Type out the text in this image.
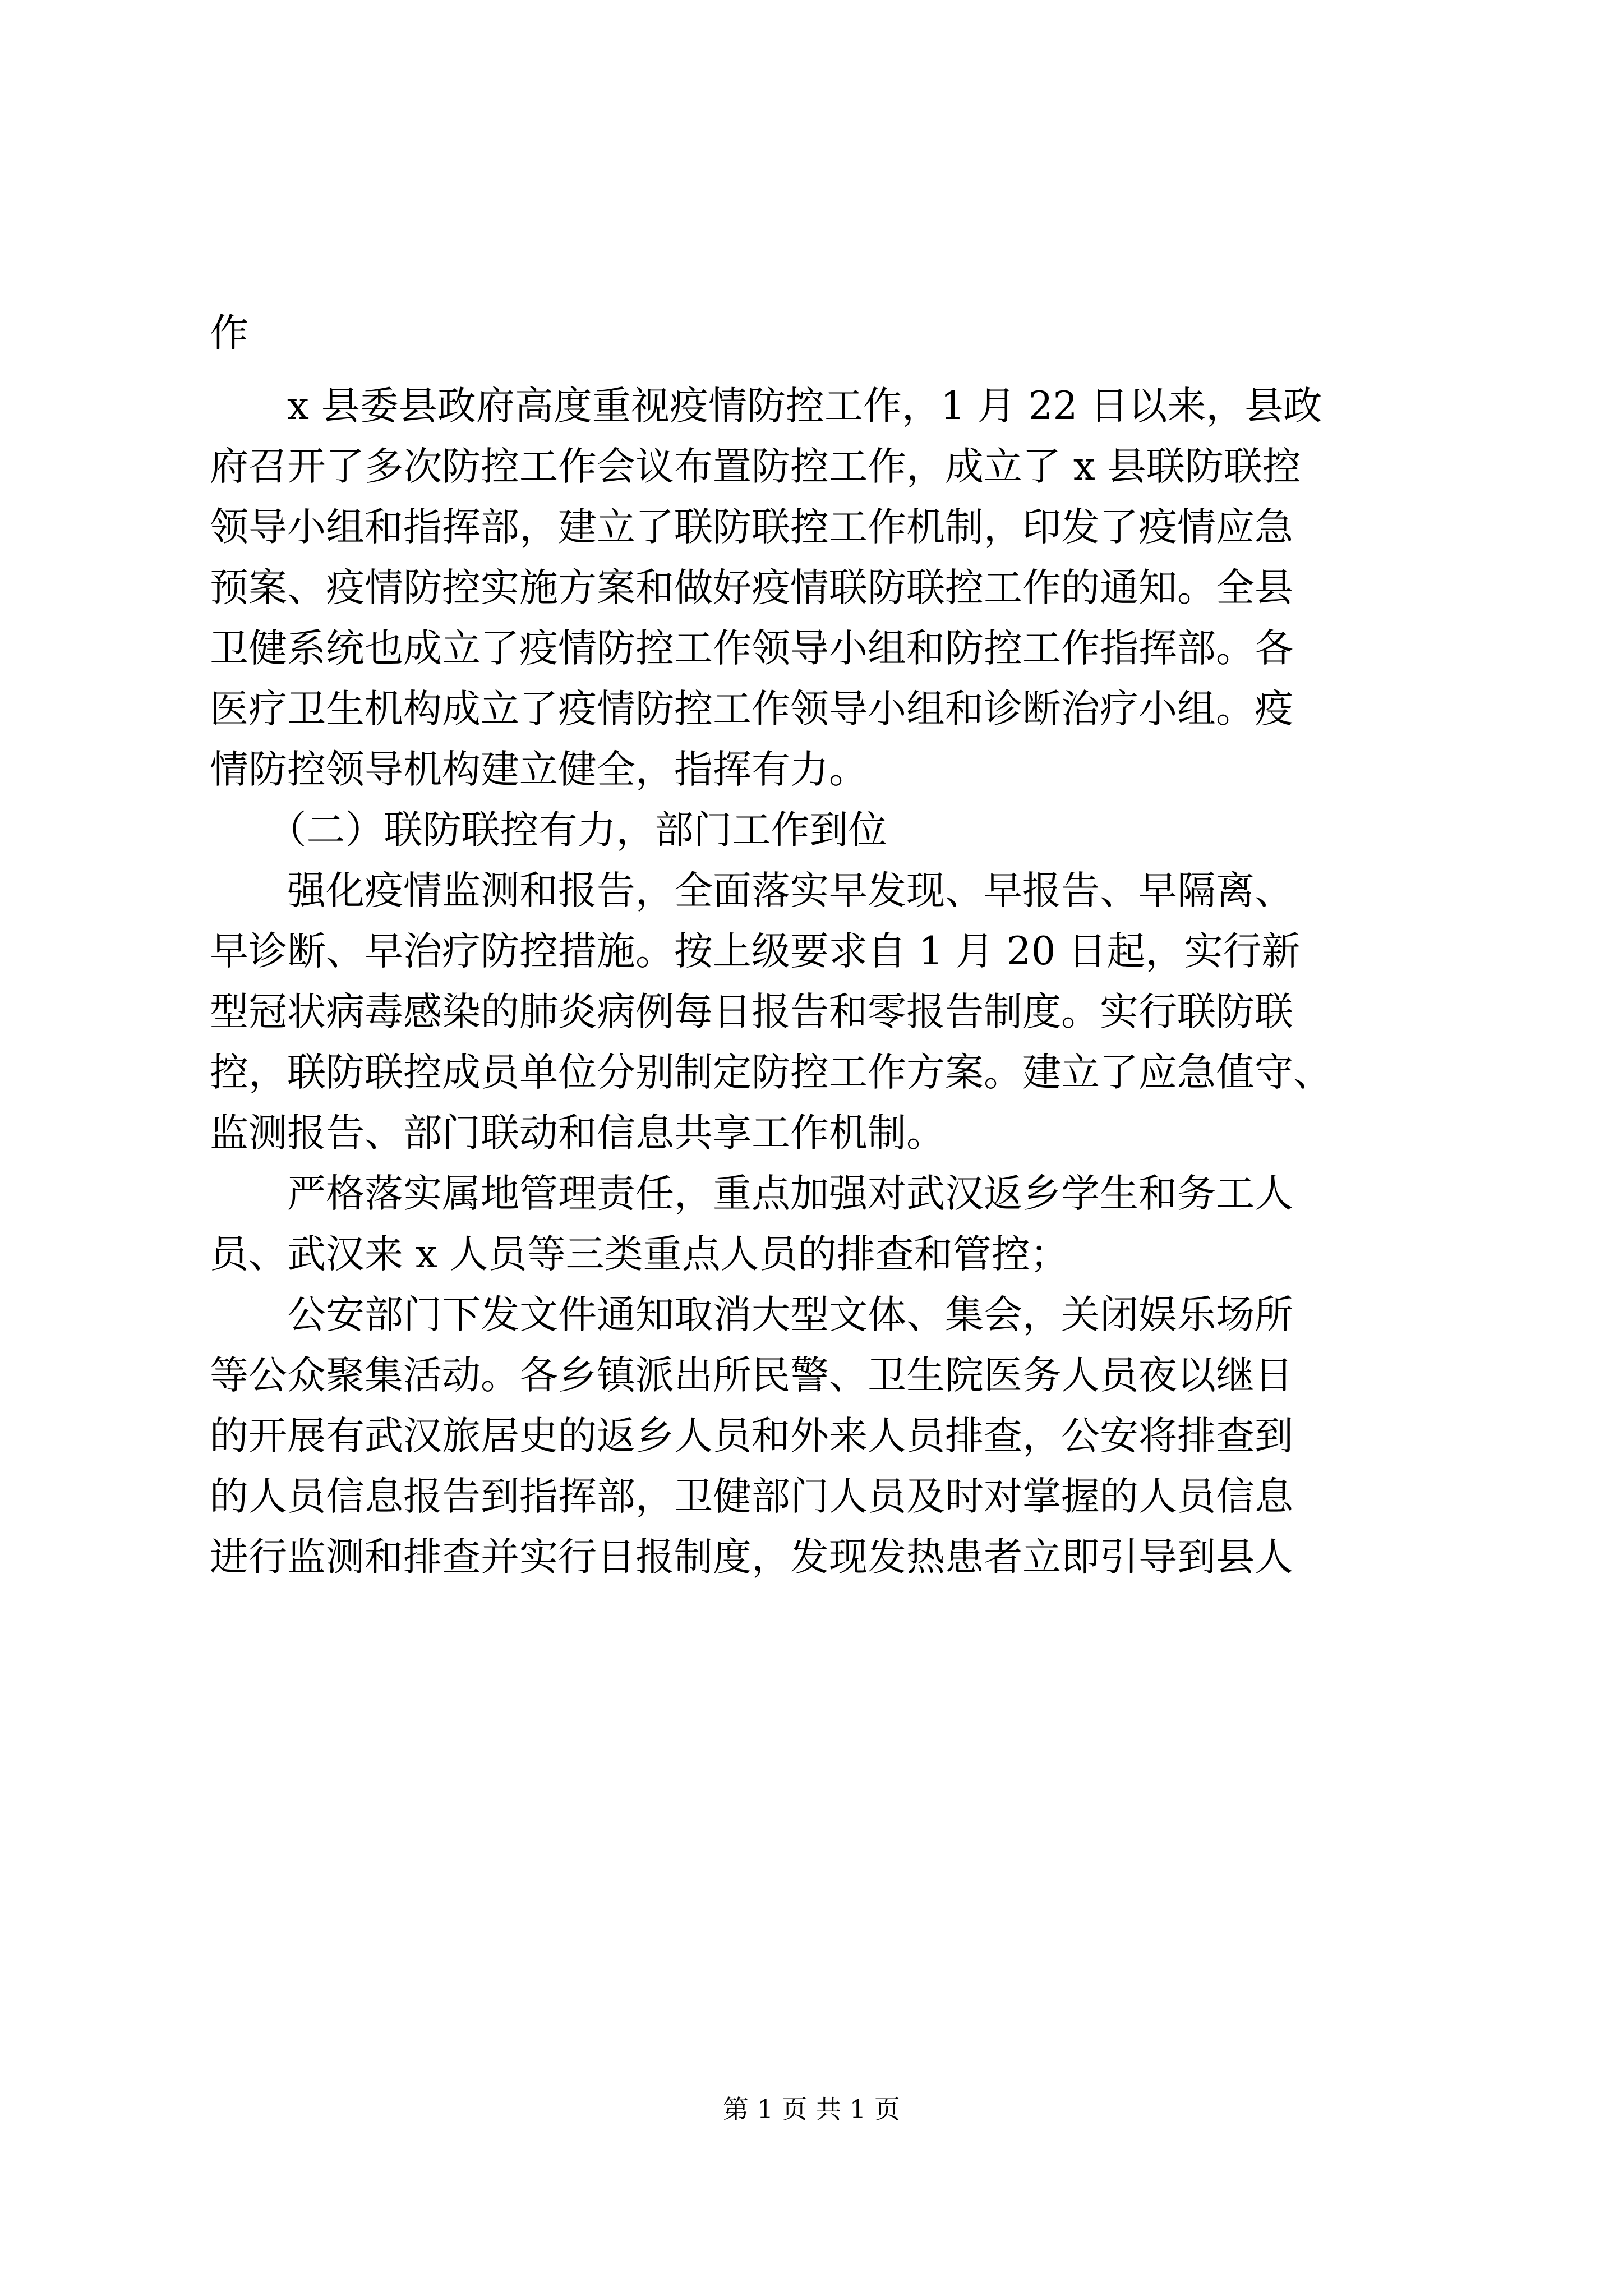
作
　　x 县委县政府高度重视疫情防控工作，1 月 22 日以来，县政
府召开了多次防控工作会议布置防控工作，成立了 x 县联防联控
领导小组和指挥部，建立了联防联控工作机制，印发了疫情应急
预案、疫情防控实施方案和做好疫情联防联控工作的通知。全县
卫健系统也成立了疫情防控工作领导小组和防控工作指挥部。各
医疗卫生机构成立了疫情防控工作领导小组和诊断治疗小组。疫
情防控领导机构建立健全，指挥有力。
　　（二）联防联控有力，部门工作到位
　　强化疫情监测和报告，全面落实早发现、早报告、早隔离、
早诊断、早治疗防控措施。按上级要求自 1 月 20 日起，实行新
型冠状病毒感染的肺炎病例每日报告和零报告制度。实行联防联
控，联防联控成员单位分别制定防控工作方案。建立了应急值守、
监测报告、部门联动和信息共享工作机制。
　　严格落实属地管理责任，重点加强对武汉返乡学生和务工人
员、武汉来 x 人员等三类重点人员的排查和管控；
　　公安部门下发文件通知取消大型文体、集会，关闭娱乐场所
等公众聚集活动。各乡镇派出所民警、卫生院医务人员夜以继日
的开展有武汉旅居史的返乡人员和外来人员排查，公安将排查到
的人员信息报告到指挥部，卫健部门人员及时对掌握的人员信息
进行监测和排查并实行日报制度，发现发热患者立即引导到县人
第 1 页 共 1 页
